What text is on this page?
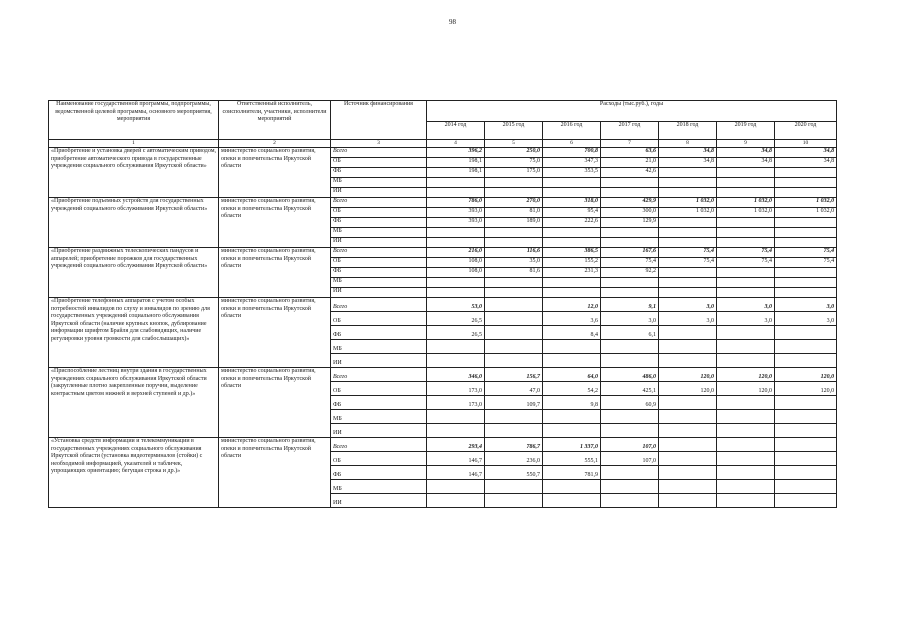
98
Наименование государственной программы, подпрограммы, ведомственной целевой программы, основного мероприятия, мероприятия	Ответственный исполнитель, соисполнители, участники, исполнители мероприятий	Источник финансирования	Расходы (тыс.руб.), годы						
			2014 год	2015 год	2016 год	2017 год	2018 год	2019 год	2020 год
1	2	3	4	5	6	7	8	9	10
«Приобретение и установка дверей с автоматическим приводом, приобретение автоматического привода в государственные учреждения социального обслуживания Иркутской области»	министерство социального развития, опеки и попечительства Иркутской области	Всего	396,2	250,0	700,8	63,6	34,8	34,8	34,8
		ОБ	198,1	75,0	347,3	21,0	34,8	34,8	34,8
		ФБ	198,1	175,0	353,5	42,6			
		МБ							
		ИИ							
«Приобретение подъемных устройств для государственных учреждений социального обслуживания Иркутской области»	министерство социального развития, опеки и попечительства Иркутской области	Всего	786,0	270,0	318,0	429,9	1 032,0	1 032,0	1 032,0
		ОБ	393,0	81,0	95,4	300,0	1 032,0	1 032,0	1 032,0
		ФБ	393,0	189,0	222,6	129,9			
		МБ							
		ИИ							
«Приобретение раздвижных телескопических пандусов и аппарелей; приобретение порожков для государственных учреждений социального обслуживания Иркутской области»	министерство социального развития, опеки и попечительства Иркутской области	Всего	216,0	116,6	386,5	167,6	75,4	75,4	75,4
		ОБ	108,0	35,0	155,2	75,4	75,4	75,4	75,4
		ФБ	108,0	81,6	231,3	92,2			
		МБ							
		ИИ							
«Приобретение телефонных аппаратов с учетом особых потребностей инвалидов по слуху и инвалидов по зрению для государственных учреждений социального обслуживания Иркутской области (наличие крупных кнопок, дублирование информации шрифтом Брайля для слабовидящих, наличие регулировки уровня громкости для слабослышащих)»	министерство социального развития, опеки и попечительства Иркутской области	Всего	53,0		12,0	9,1	3,0	3,0	3,0
		ОБ	26,5		3,6	3,0	3,0	3,0	3,0
		ФБ	26,5		8,4	6,1			
		МБ							
		ИИ							
«Приспособление лестниц внутри здания в государственных учреждениях социального обслуживания Иркутской области (закругленные плотно закрепленные поручни, выделение контрастным цветом нижней и верхней ступеней и др.)»	министерство социального развития, опеки и попечительства Иркутской области	Всего	346,0	156,7	64,0	486,0	120,0	120,0	120,0
		ОБ	173,0	47,0	54,2	425,1	120,0	120,0	120,0
		ФБ	173,0	109,7	9,8	60,9			
		МБ							
		ИИ							
«Установка средств информации и телекоммуникации в государственных учреждениях социального обслуживания Иркутской области (установка видеотерминалов (стойки) с необходимой информацией, указателей и табличек, упрощающих ориентацию; бегущая строка и др.)»	министерство социального развития, опеки и попечительства Иркутской области	Всего	293,4	786,7	1 337,0	107,0			
		ОБ	146,7	236,0	555,1	107,0			
		ФБ	146,7	550,7	781,9				
		МБ							
		ИИ							
